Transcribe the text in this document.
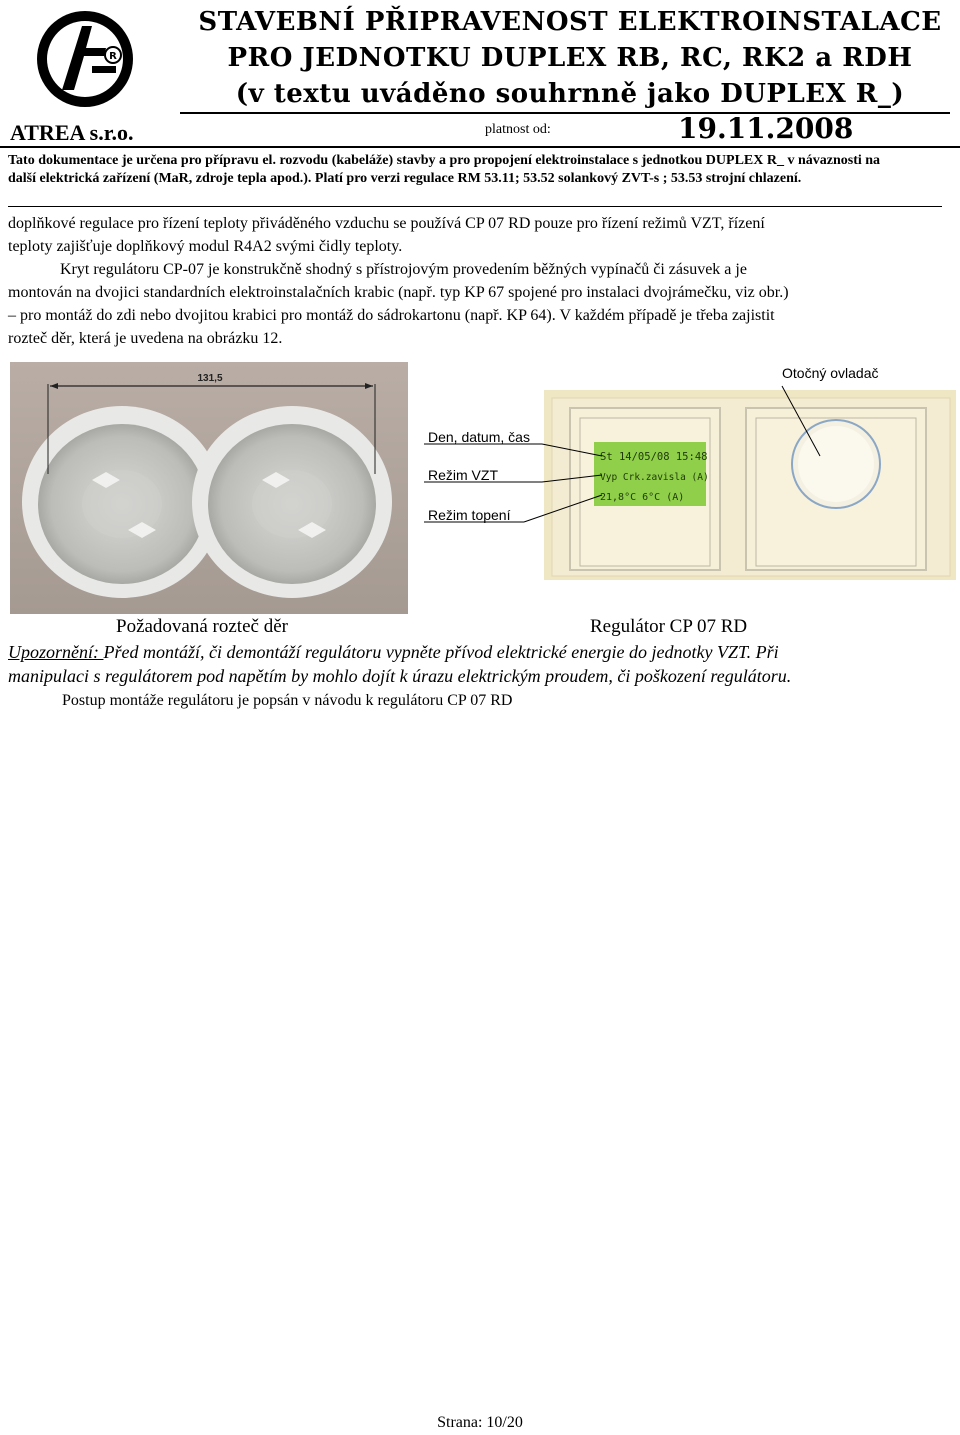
R
ATREA s.r.o.
STAVEBNÍ PŘIPRAVENOST ELEKTROINSTALACE
PRO JEDNOTKU DUPLEX RB, RC, RK2 a RDH
(v textu uváděno souhrnně jako DUPLEX R_)
platnost od:	19.11.2008
Tato dokumentace je určena pro přípravu el. rozvodu (kabeláže) stavby a pro propojení elektroinstalace s jednotkou DUPLEX R_ v návaznosti na
další elektrická zařízení (MaR, zdroje tepla apod.). Platí pro verzi regulace RM 53.11; 53.52 solankový ZVT-s ; 53.53 strojní chlazení.
doplňkové regulace pro řízení teploty přiváděného vzduchu se používá CP 07 RD pouze pro řízení režimů VZT, řízení
teploty zajišťuje doplňkový modul R4A2 svými čidly teploty.
Kryt regulátoru CP-07 je konstrukčně shodný s přístrojovým provedením běžných vypínačů či zásuvek a je
montován na dvojici standardních elektroinstalačních krabic (např. typ KP 67 spojené pro instalaci dvojrámečku, viz obr.)
– pro montáž do zdi nebo dvojitou krabici pro montáž do sádrokartonu (např. KP 64). V každém případě je třeba zajistit
rozteč děr, která je uvedena na obrázku 12.
131,5
Požadovaná rozteč děr
St 14/05/08 15:48
Vyp Crk.zavisla (A)
21,8°C 6°C (A)
Den, datum, čas
Režim VZT
Režim topení
Otočný ovladač
Regulátor CP 07 RD
Upozornění: Před montáží, či demontáží regulátoru vypněte přívod elektrické energie do jednotky VZT. Při
manipulaci s regulátorem pod napětím by mohlo dojít k úrazu elektrickým proudem, či poškození regulátoru.
Postup montáže regulátoru je popsán v návodu k regulátoru CP 07 RD
Strana: 10/20
